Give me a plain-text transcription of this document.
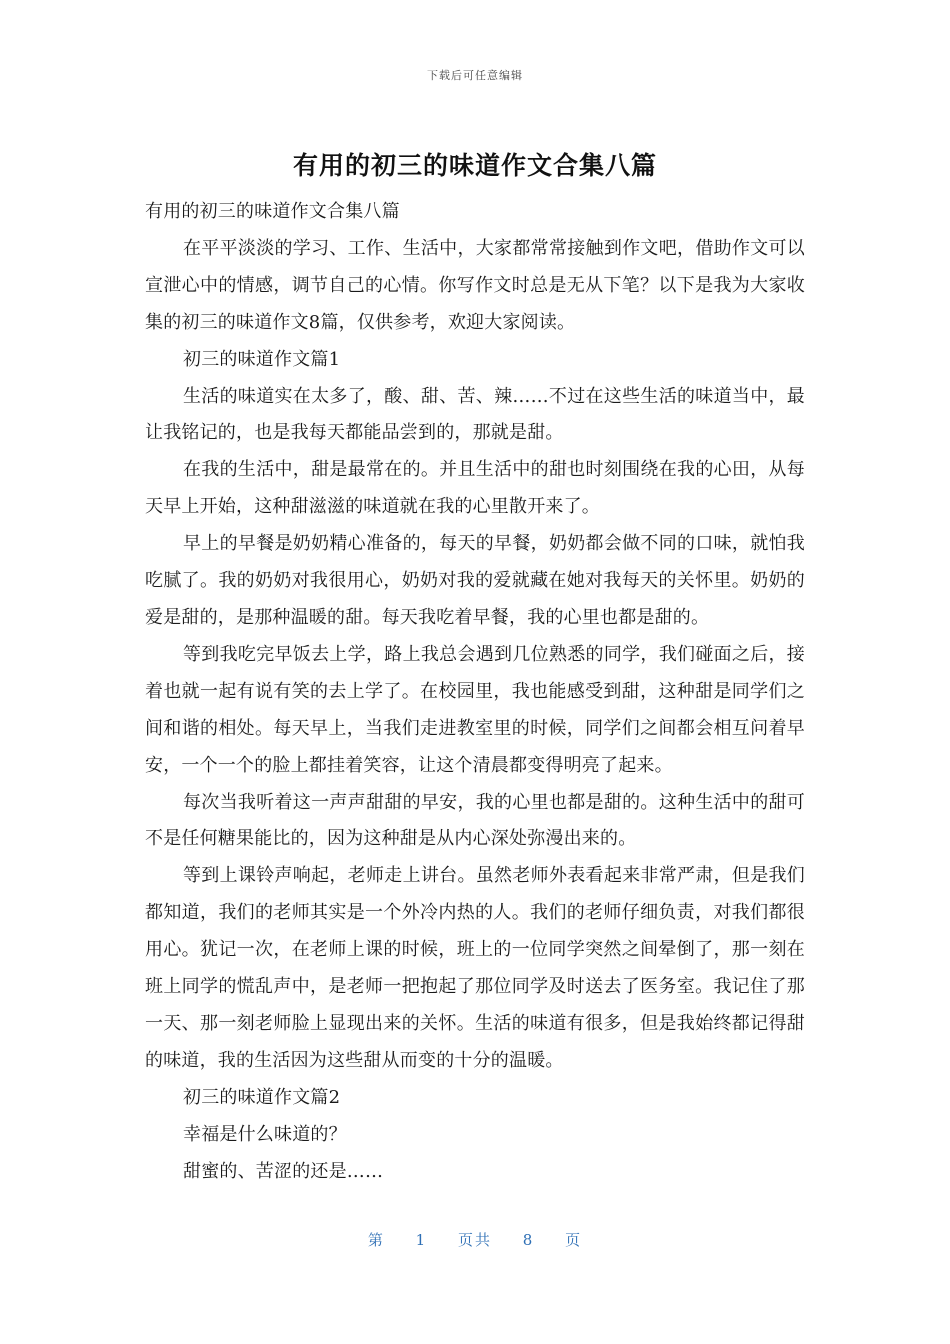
下载后可任意编辑
有用的初三的味道作文合集八篇

有用的初三的味道作文合集八篇

在平平淡淡的学习、工作、生活中，大家都常常接触到作文吧，借助作文可以宣泄心中的情感，调节自己的心情。你写作文时总是无从下笔？以下是我为大家收集的初三的味道作文8篇，仅供参考，欢迎大家阅读。

初三的味道作文篇1

生活的味道实在太多了，酸、甜、苦、辣……不过在这些生活的味道当中，最让我铭记的，也是我每天都能品尝到的，那就是甜。

在我的生活中，甜是最常在的。并且生活中的甜也时刻围绕在我的心田，从每天早上开始，这种甜滋滋的味道就在我的心里散开来了。

早上的早餐是奶奶精心准备的，每天的早餐，奶奶都会做不同的口味，就怕我吃腻了。我的奶奶对我很用心，奶奶对我的爱就藏在她对我每天的关怀里。奶奶的爱是甜的，是那种温暖的甜。每天我吃着早餐，我的心里也都是甜的。

等到我吃完早饭去上学，路上我总会遇到几位熟悉的同学，我们碰面之后，接着也就一起有说有笑的去上学了。在校园里，我也能感受到甜，这种甜是同学们之间和谐的相处。每天早上，当我们走进教室里的时候，同学们之间都会相互问着早安，一个一个的脸上都挂着笑容，让这个清晨都变得明亮了起来。

每次当我听着这一声声甜甜的早安，我的心里也都是甜的。这种生活中的甜可不是任何糖果能比的，因为这种甜是从内心深处弥漫出来的。

等到上课铃声响起，老师走上讲台。虽然老师外表看起来非常严肃，但是我们都知道，我们的老师其实是一个外冷内热的人。我们的老师仔细负责，对我们都很用心。犹记一次，在老师上课的时候，班上的一位同学突然之间晕倒了，那一刻在班上同学的慌乱声中，是老师一把抱起了那位同学及时送去了医务室。我记住了那一天、那一刻老师脸上显现出来的关怀。生活的味道有很多，但是我始终都记得甜的味道，我的生活因为这些甜从而变的十分的温暖。

初三的味道作文篇2

幸福是什么味道的？

甜蜜的、苦涩的还是……

第 1 页共 8 页
